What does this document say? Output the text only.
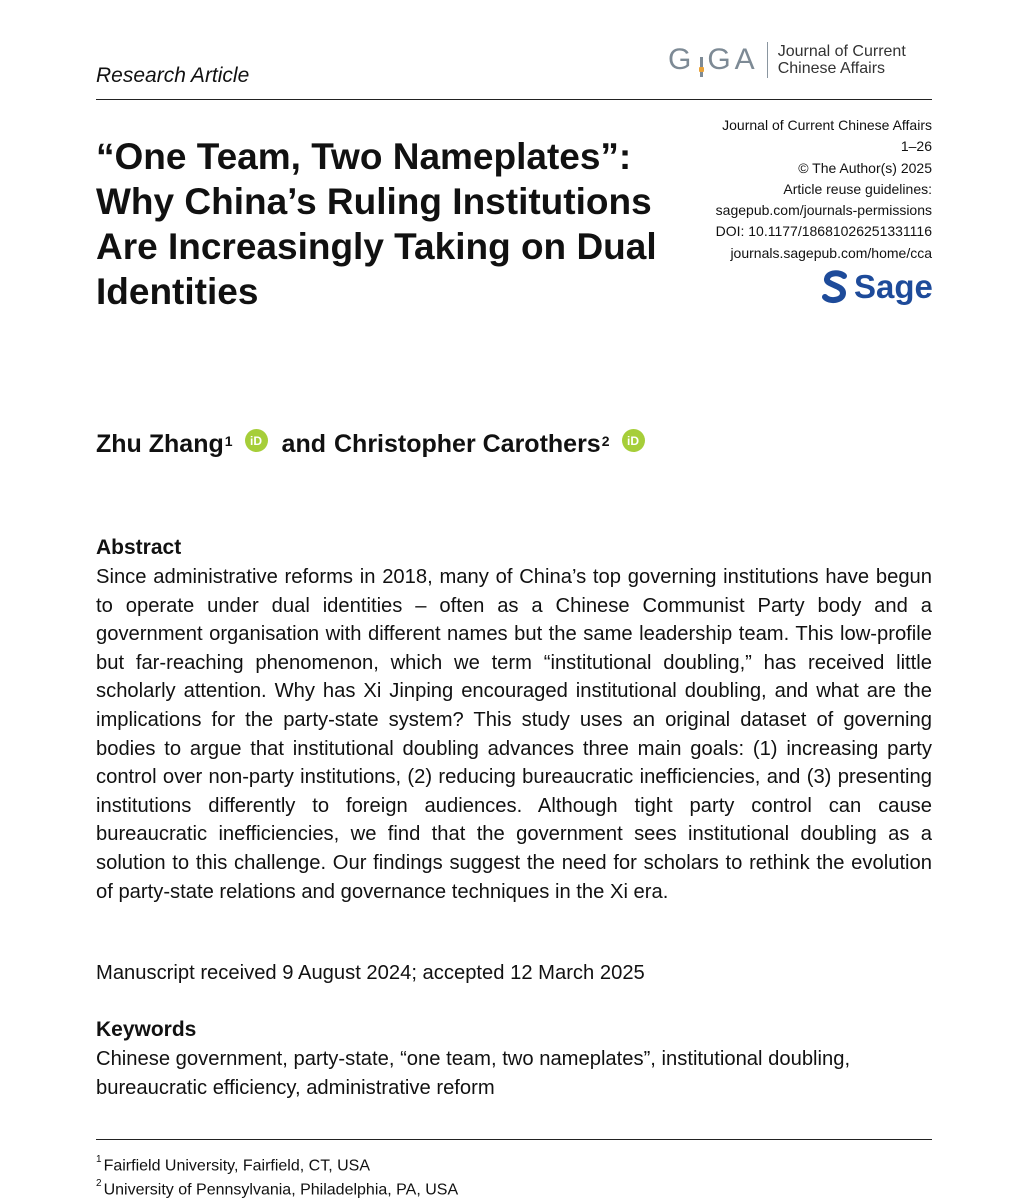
Research Article	G GA Journal of Current
Chinese Affairs
“One Team, Two Nameplates”: Why China’s Ruling Institutions Are Increasingly Taking on Dual Identities
Journal of Current Chinese Affairs
1–26
© The Author(s) 2025
Article reuse guidelines:
sagepub.com/journals-permissions
DOI: 10.1177/18681026251331116
journals.sagepub.com/home/cca
Sage
Zhu Zhang$^1$	iD and Christopher Carothers$^2$	iD
Abstract

Since administrative reforms in 2018, many of China’s top governing institutions have begun to operate under dual identities – often as a Chinese Communist Party body and a government organisation with different names but the same leadership team. This low-profile but far-reaching phenomenon, which we term “institutional doubling,” has received little scholarly attention. Why has Xi Jinping encouraged institutional doubling, and what are the implications for the party-state system? This study uses an original dataset of governing bodies to argue that institutional doubling advances three main goals: (1) increasing party control over non-party institutions, (2) reducing bureaucratic inefficiencies, and (3) presenting institutions differently to foreign audiences. Although tight party control can cause bureaucratic inefficiencies, we find that the government sees institutional doubling as a solution to this challenge. Our findings suggest the need for scholars to rethink the evolution of party-state relations and governance techniques in the Xi era.

Manuscript received 9 August 2024; accepted 12 March 2025
Keywords

Chinese government, party-state, “one team, two nameplates”, institutional doubling, bureaucratic efficiency, administrative reform

$^1$ Fairfield University, Fairfield, CT, USA
$^2$ University of Pennsylvania, Philadelphia, PA, USA
